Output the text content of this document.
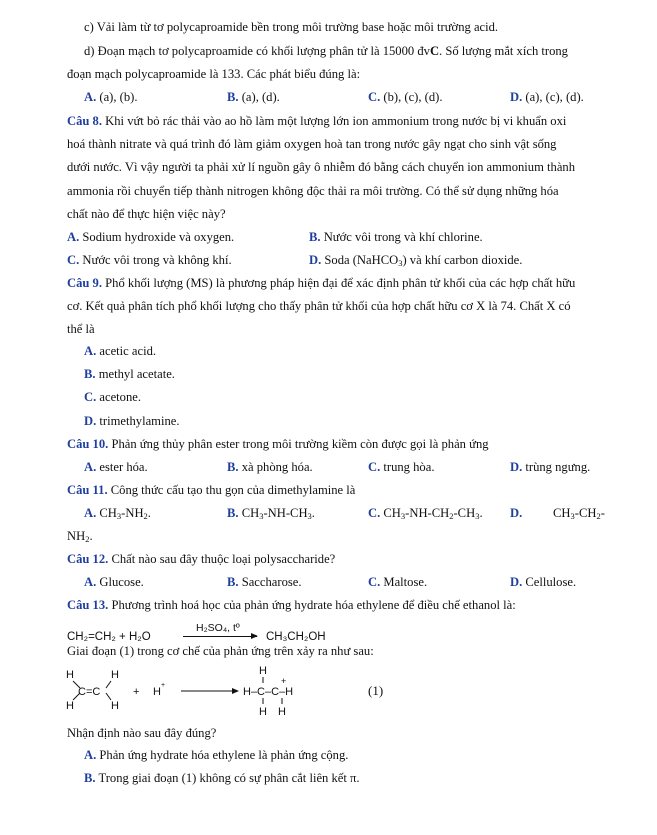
c) Vải làm từ tơ polycaproamide bền trong môi trường base hoặc môi trường acid.
d) Đoạn mạch tơ polycaproamide có khối lượng phân tử là 15000 đvC. Số lượng mắt xích trong
đoạn mạch polycaproamide là 133. Các phát biểu đúng là:
A. (a), (b).	B. (a), (d).	C. (b), (c), (d).	D. (a), (c), (d).
Câu 8. Khi vứt bỏ rác thải vào ao hồ làm một lượng lớn ion ammonium trong nước bị vi khuẩn oxi
hoá thành nitrate và quá trình đó làm giảm oxygen hoà tan trong nước gây ngạt cho sinh vật sống
dưới nước. Vì vậy người ta phải xử lí nguồn gây ô nhiễm đó bằng cách chuyển ion ammonium thành
ammonia rồi chuyển tiếp thành nitrogen không độc thải ra môi trường. Có thể sử dụng những hóa
chất nào để thực hiện việc này?
A. Sodium hydroxide và oxygen.	B. Nước vôi trong và khí chlorine.
C. Nước vôi trong và không khí.	D. Soda (NaHCO$_3$) và khí carbon dioxide.
Câu 9. Phổ khối lượng (MS) là phương pháp hiện đại để xác định phân tử khối của các hợp chất hữu
cơ. Kết quả phân tích phổ khối lượng cho thấy phân tử khối của hợp chất hữu cơ X là 74. Chất X có
thể là
A. acetic acid.
B. methyl acetate.
C. acetone.
D. trimethylamine.
Câu 10. Phản ứng thủy phân ester trong môi trường kiềm còn được gọi là phản ứng
A. ester hóa.	B. xà phòng hóa.	C. trung hòa.	D. trùng ngưng.
Câu 11. Công thức cấu tạo thu gọn của dimethylamine là
A. $CH_3-NH_2$.	B. $CH_3-NH-CH_3$.	C. $CH_3-NH-CH_2-CH_3$. D. $CH_3-CH_2-$
$NH_2$.
Câu 12. Chất nào sau đây thuộc loại polysaccharide?
A. Glucose.	B. Saccharose.	C. Maltose.	D. Cellulose.
Câu 13. Phương trình hoá học của phản ứng hydrate hóa ethylene để điều chế ethanol là:
CH₂=CH₂ + H₂O
H₂SO₄, tº
CH₃CH₂OH
Giai đoạn (1) trong cơ chế của phản ứng trên xảy ra như sau:
H
H
H
H
C=C	+ H
+
H
H–C–C–H
+
H H
(1)
Nhận định nào sau đây đúng?
A. Phản ứng hydrate hóa ethylene là phản ứng cộng.
B. Trong giai đoạn (1) không có sự phân cắt liên kết π.
